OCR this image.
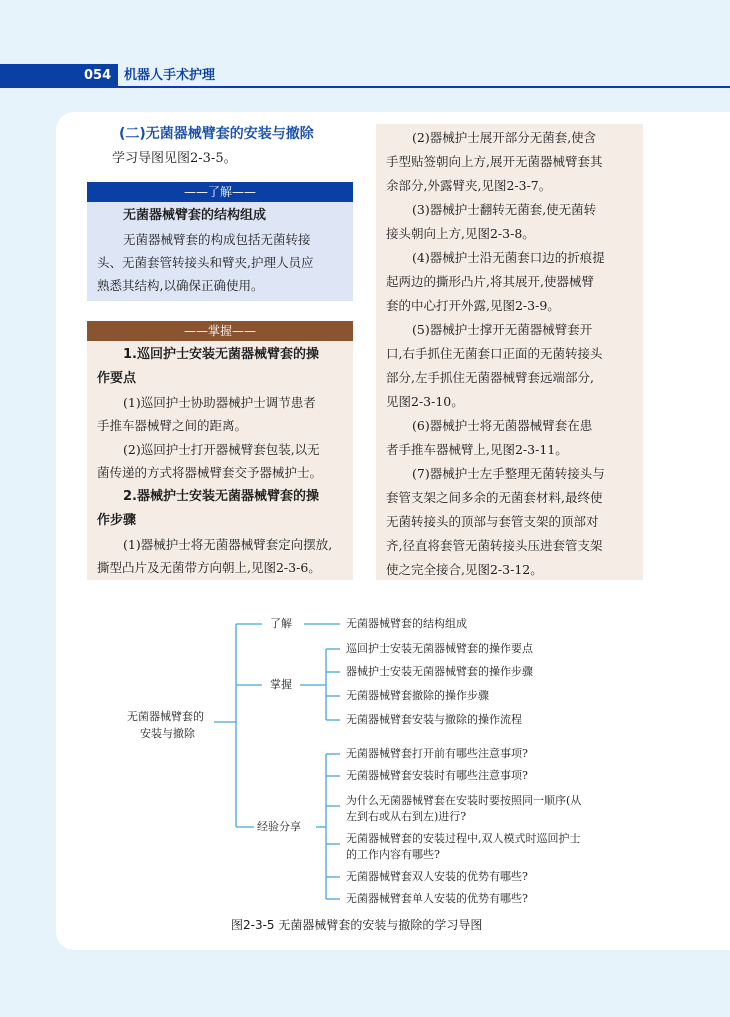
054 机器人手术护理
(二)无菌器械臂套的安装与撤除
学习导图见图2-3-5。
——了解——
无菌器械臂套的结构组成
无菌器械臂套的构成包括无菌转接
头、无菌套管转接头和臂夹,护理人员应
熟悉其结构,以确保正确使用。
——掌握——
1.巡回护士安装无菌器械臂套的操
作要点
(1)巡回护士协助器械护士调节患者
手推车器械臂之间的距离。
(2)巡回护士打开器械臂套包装,以无
菌传递的方式将器械臂套交予器械护士。
2.器械护士安装无菌器械臂套的操
作步骤
(1)器械护士将无菌器械臂套定向摆放,
撕型凸片及无菌带方向朝上,见图2-3-6。
(2)器械护士展开部分无菌套,使含
手型贴签朝向上方,展开无菌器械臂套其
余部分,外露臂夹,见图2-3-7。
(3)器械护士翻转无菌套,使无菌转
接头朝向上方,见图2-3-8。
(4)器械护士沿无菌套口边的折痕提
起两边的撕形凸片,将其展开,使器械臂
套的中心打开外露,见图2-3-9。
(5)器械护士撑开无菌器械臂套开
口,右手抓住无菌套口正面的无菌转接头
部分,左手抓住无菌器械臂套远端部分,
见图2-3-10。
(6)器械护士将无菌器械臂套在患
者手推车器械臂上,见图2-3-11。
(7)器械护士左手整理无菌转接头与
套管支架之间多余的无菌套材料,最终使
无菌转接头的顶部与套管支架的顶部对
齐,径直将套管无菌转接头压进套管支架
使之完全接合,见图2-3-12。
无菌器械臂套的
安装与撤除
了解
掌握
经验分享
无菌器械臂套的结构组成
巡回护士安装无菌器械臂套的操作要点
器械护士安装无菌器械臂套的操作步骤
无菌器械臂套撤除的操作步骤
无菌器械臂套安装与撤除的操作流程
无菌器械臂套打开前有哪些注意事项?
无菌器械臂套安装时有哪些注意事项?
为什么无菌器械臂套在安装时要按照同一顺序(从
左到右或从右到左)进行?
无菌器械臂套的安装过程中,双人模式时巡回护士
的工作内容有哪些?
无菌器械臂套双人安装的优势有哪些?
无菌器械臂套单人安装的优势有哪些?
图2-3-5 无菌器械臂套的安装与撤除的学习导图
